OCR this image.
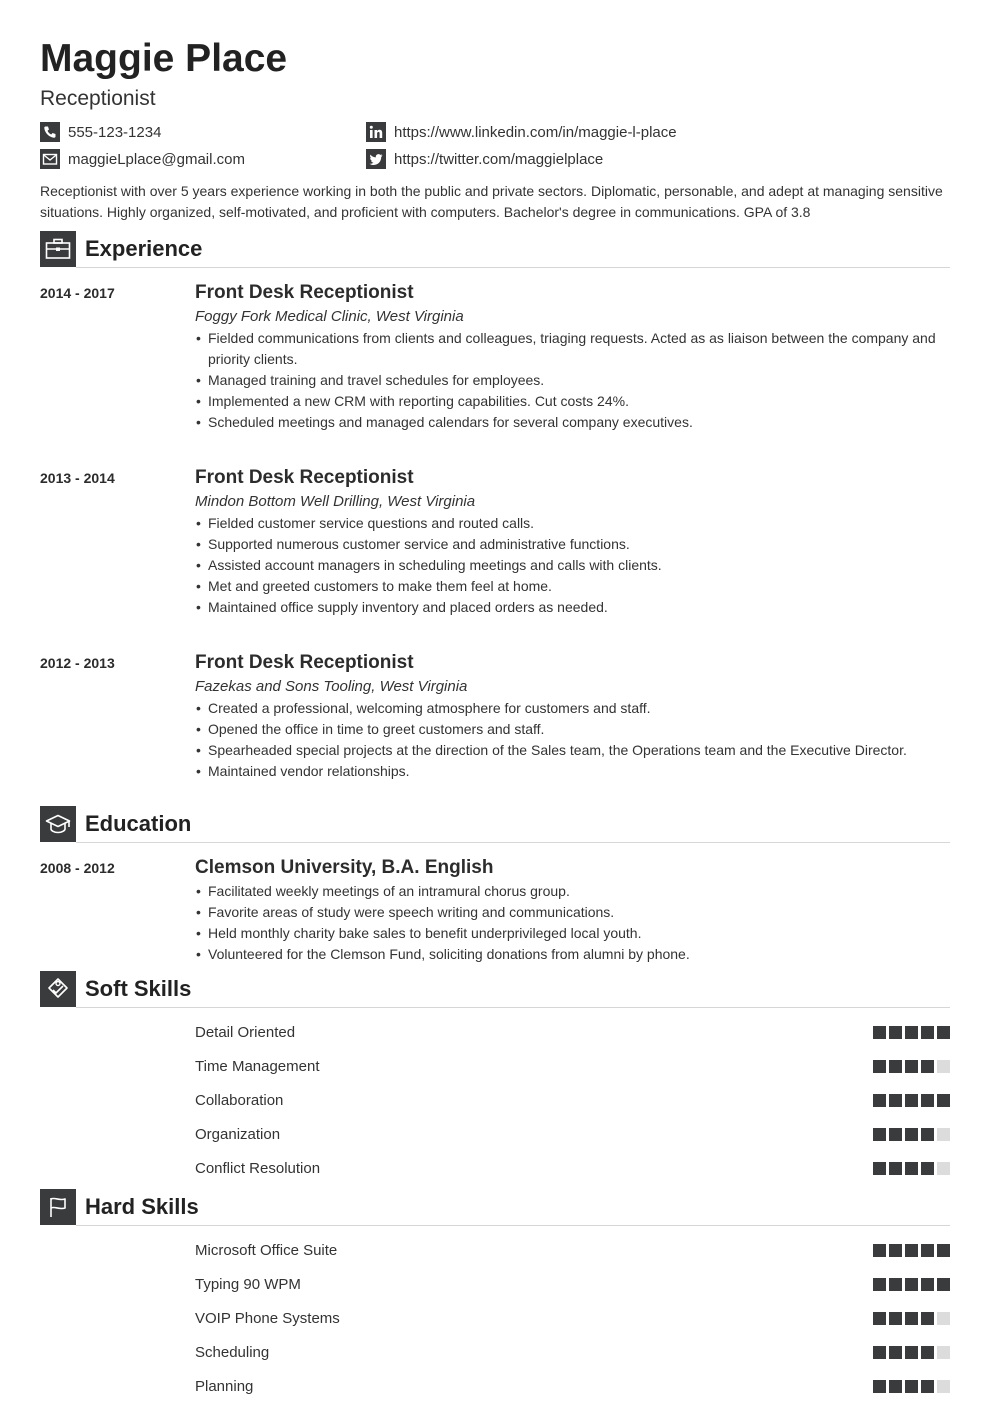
Maggie Place
Receptionist
555-123-1234	https://www.linkedin.com/in/maggie-l-place
maggieLplace@gmail.com	https://twitter.com/maggielplace
Receptionist with over 5 years experience working in both the public and private sectors. Diplomatic, personable, and adept at managing sensitive situations. Highly organized, self-motivated, and proficient with computers. Bachelor's degree in communications. GPA of 3.8
Experience
2014 - 2017	Front Desk Receptionist
Foggy Fork Medical Clinic, West Virginia
• Fielded communications from clients and colleagues, triaging requests. Acted as as liaison between the company and priority clients.
• Managed training and travel schedules for employees.
• Implemented a new CRM with reporting capabilities. Cut costs 24%.
• Scheduled meetings and managed calendars for several company executives.
2013 - 2014	Front Desk Receptionist
Mindon Bottom Well Drilling, West Virginia
• Fielded customer service questions and routed calls.
• Supported numerous customer service and administrative functions.
• Assisted account managers in scheduling meetings and calls with clients.
• Met and greeted customers to make them feel at home.
• Maintained office supply inventory and placed orders as needed.
2012 - 2013	Front Desk Receptionist
Fazekas and Sons Tooling, West Virginia
• Created a professional, welcoming atmosphere for customers and staff.
• Opened the office in time to greet customers and staff.
• Spearheaded special projects at the direction of the Sales team, the Operations team and the Executive Director.
• Maintained vendor relationships.
Education
2008 - 2012	Clemson University, B.A. English
• Facilitated weekly meetings of an intramural chorus group.
• Favorite areas of study were speech writing and communications.
• Held monthly charity bake sales to benefit underprivileged local youth.
• Volunteered for the Clemson Fund, soliciting donations from alumni by phone.
Soft Skills
Detail Oriented
Time Management
Collaboration
Organization
Conflict Resolution
Hard Skills
Microsoft Office Suite
Typing 90 WPM
VOIP Phone Systems
Scheduling
Planning
